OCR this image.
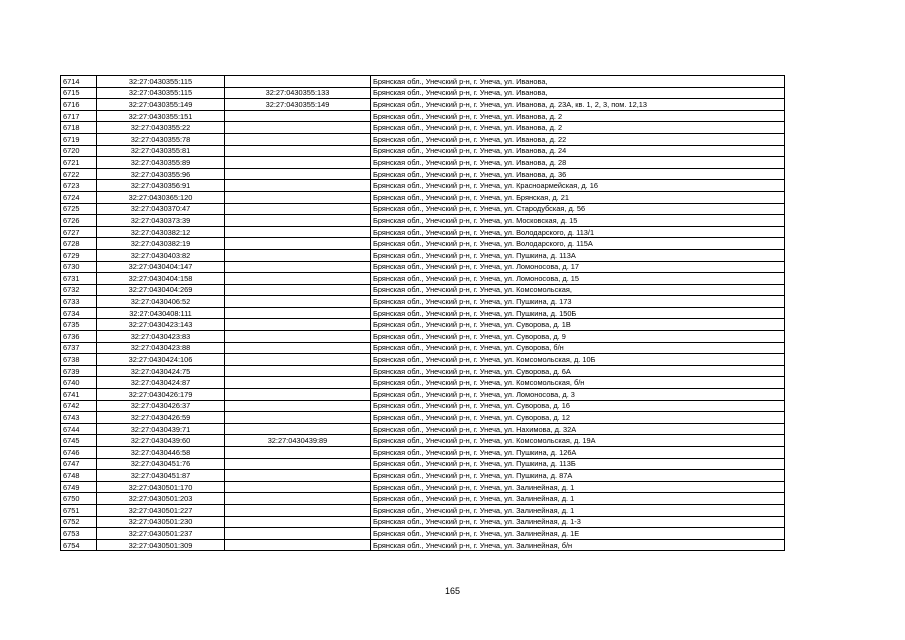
6714	32:27:0430355:115		Брянская обл., Унечский р-н, г. Унеча, ул. Иванова,
6715	32:27:0430355:115	32:27:0430355:133	Брянская обл., Унечский р-н, г. Унеча, ул. Иванова,
6716	32:27:0430355:149	32:27:0430355:149	Брянская обл., Унечский р-н, г. Унеча, ул. Иванова, д. 23А, кв. 1, 2, 3, пом. 12,13
6717	32:27:0430355:151		Брянская обл., Унечский р-н, г. Унеча, ул. Иванова, д. 2
6718	32:27:0430355:22		Брянская обл., Унечский р-н, г. Унеча, ул. Иванова, д. 2
6719	32:27:0430355:78		Брянская обл., Унечский р-н, г. Унеча, ул. Иванова, д. 22
6720	32:27:0430355:81		Брянская обл., Унечский р-н, г. Унеча, ул. Иванова, д. 24
6721	32:27:0430355:89		Брянская обл., Унечский р-н, г. Унеча, ул. Иванова, д. 28
6722	32:27:0430355:96		Брянская обл., Унечский р-н, г. Унеча, ул. Иванова, д. 36
6723	32:27:0430356:91		Брянская обл., Унечский р-н, г. Унеча, ул. Красноармейская, д. 16
6724	32:27:0430365:120		Брянская обл., Унечский р-н, г. Унеча, ул. Брянская, д. 21
6725	32:27:0430370:47		Брянская обл., Унечский р-н, г. Унеча, ул. Стародубская, д. 56
6726	32:27:0430373:39		Брянская обл., Унечский р-н, г. Унеча, ул. Московская, д. 15
6727	32:27:0430382:12		Брянская обл., Унечский р-н, г. Унеча, ул. Володарского, д. 113/1
6728	32:27:0430382:19		Брянская обл., Унечский р-н, г. Унеча, ул. Володарского, д. 115А
6729	32:27:0430403:82		Брянская обл., Унечский р-н, г. Унеча, ул. Пушкина, д. 113А
6730	32:27:0430404:147		Брянская обл., Унечский р-н, г. Унеча, ул. Ломоносова, д. 17
6731	32:27:0430404:158		Брянская обл., Унечский р-н, г. Унеча, ул. Ломоносова, д. 15
6732	32:27:0430404:269		Брянская обл., Унечский р-н, г. Унеча, ул. Комсомольская,
6733	32:27:0430406:52		Брянская обл., Унечский р-н, г. Унеча, ул. Пушкина, д. 173
6734	32:27:0430408:111		Брянская обл., Унечский р-н, г. Унеча, ул. Пушкина, д. 150Б
6735	32:27:0430423:143		Брянская обл., Унечский р-н, г. Унеча, ул. Суворова, д. 1В
6736	32:27:0430423:83		Брянская обл., Унечский р-н, г. Унеча, ул. Суворова, д. 9
6737	32:27:0430423:88		Брянская обл., Унечский р-н, г. Унеча, ул. Суворова, б/н
6738	32:27:0430424:106		Брянская обл., Унечский р-н, г. Унеча, ул. Комсомольская, д. 10Б
6739	32:27:0430424:75		Брянская обл., Унечский р-н, г. Унеча, ул. Суворова, д. 6А
6740	32:27:0430424:87		Брянская обл., Унечский р-н, г. Унеча, ул. Комсомольская, б/н
6741	32:27:0430426:179		Брянская обл., Унечский р-н, г. Унеча, ул. Ломоносова, д. 3
6742	32:27:0430426:37		Брянская обл., Унечский р-н, г. Унеча, ул. Суворова, д. 16
6743	32:27:0430426:59		Брянская обл., Унечский р-н, г. Унеча, ул. Суворова, д. 12
6744	32:27:0430439:71		Брянская обл., Унечский р-н, г. Унеча, ул. Нахимова, д. 32А
6745	32:27:0430439:60	32:27:0430439:89	Брянская обл., Унечский р-н, г. Унеча, ул. Комсомольская, д. 19А
6746	32:27:0430446:58		Брянская обл., Унечский р-н, г. Унеча, ул. Пушкина, д. 126А
6747	32:27:0430451:76		Брянская обл., Унечский р-н, г. Унеча, ул. Пушкина, д. 113Б
6748	32:27:0430451:87		Брянская обл., Унечский р-н, г. Унеча, ул. Пушкина, д. 87А
6749	32:27:0430501:170		Брянская обл., Унечский р-н, г. Унеча, ул. Залинейная, д. 1
6750	32:27:0430501:203		Брянская обл., Унечский р-н, г. Унеча, ул. Залинейная, д. 1
6751	32:27:0430501:227		Брянская обл., Унечский р-н, г. Унеча, ул. Залинейная, д. 1
6752	32:27:0430501:230		Брянская обл., Унечский р-н, г. Унеча, ул. Залинейная, д. 1-3
6753	32:27:0430501:237		Брянская обл., Унечский р-н, г. Унеча, ул. Залинейная, д. 1Е
6754	32:27:0430501:309		Брянская обл., Унечский р-н, г. Унеча, ул. Залинейная, б/н
165
